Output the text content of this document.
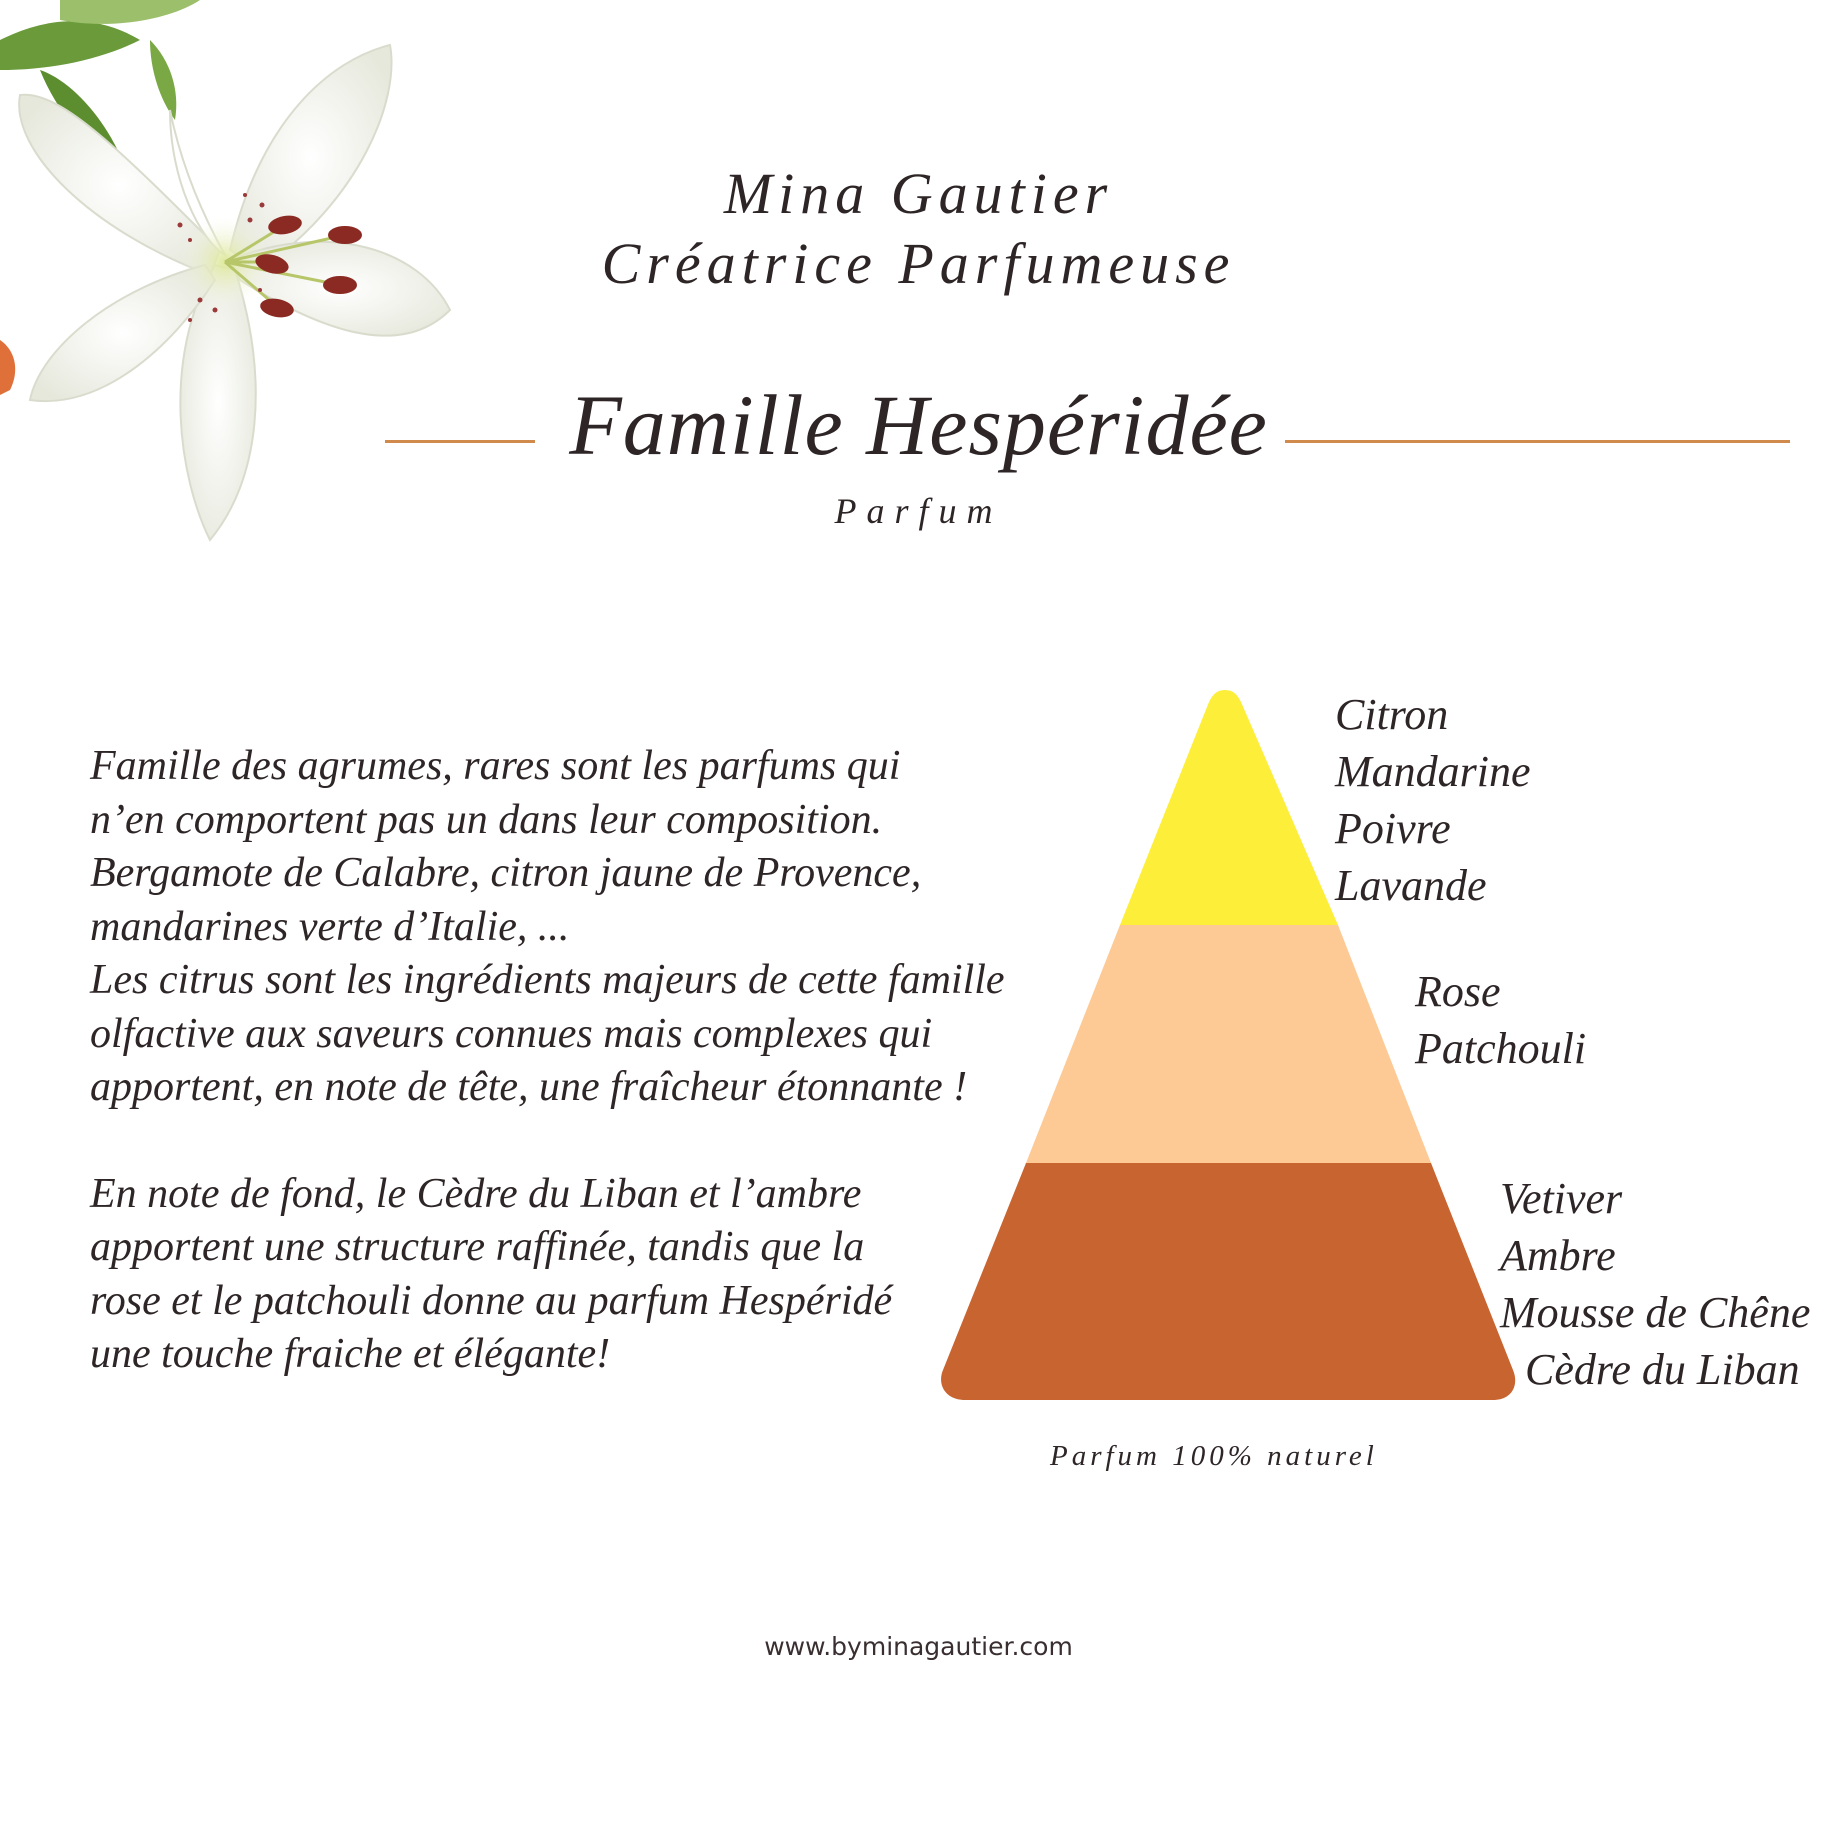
Mina Gautier
Créatrice Parfumeuse
Famille Hespéridée
Parfum

Famille des agrumes, rares sont les parfums qui
n’en comportent pas un dans leur composition.
Bergamote de Calabre, citron jaune de Provence,
mandarines verte d’Italie, ...
Les citrus sont les ingrédients majeurs de cette famille
olfactive aux saveurs connues mais complexes qui
apportent, en note de tête, une fraîcheur étonnante !

En note de fond, le Cèdre du Liban et l’ambre
apportent une structure raffinée, tandis que la
rose et le patchouli donne au parfum Hespéridé
une touche fraiche et élégante!

Citron
Mandarine
Poivre
Lavande
Rose
Patchouli
Vetiver
Ambre
Mousse de Chêne
Cèdre du Liban
Parfum 100% naturel
www.byminagautier.com
